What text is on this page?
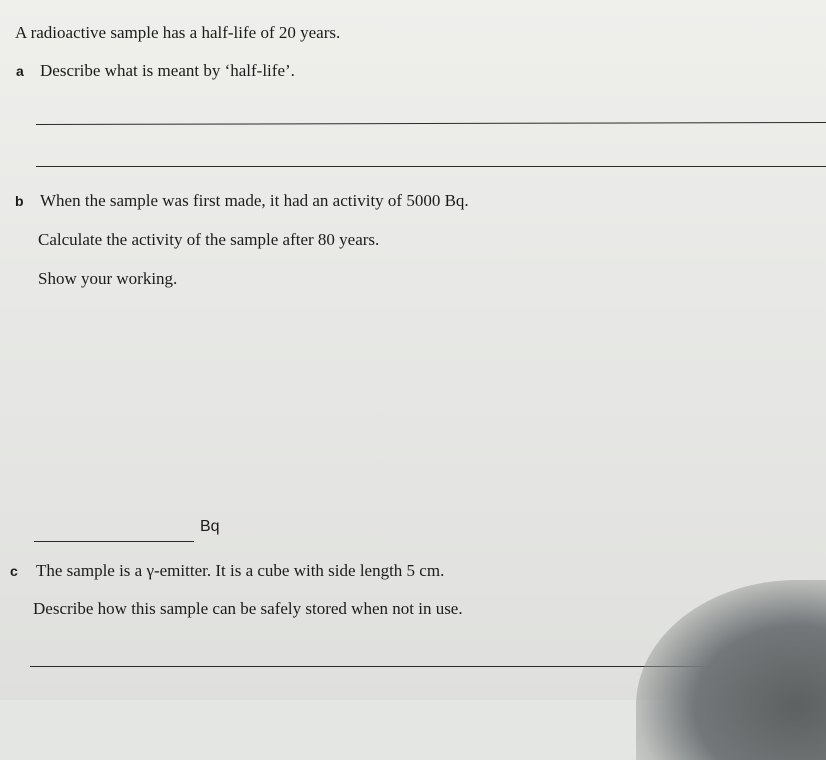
A radioactive sample has a half-life of 20 years.
a Describe what is meant by ‘half-life’.
b When the sample was first made, it had an activity of 5000 Bq.
Calculate the activity of the sample after 80 years.
Show your working.
Bq
c The sample is a γ-emitter. It is a cube with side length 5 cm.
Describe how this sample can be safely stored when not in use.
